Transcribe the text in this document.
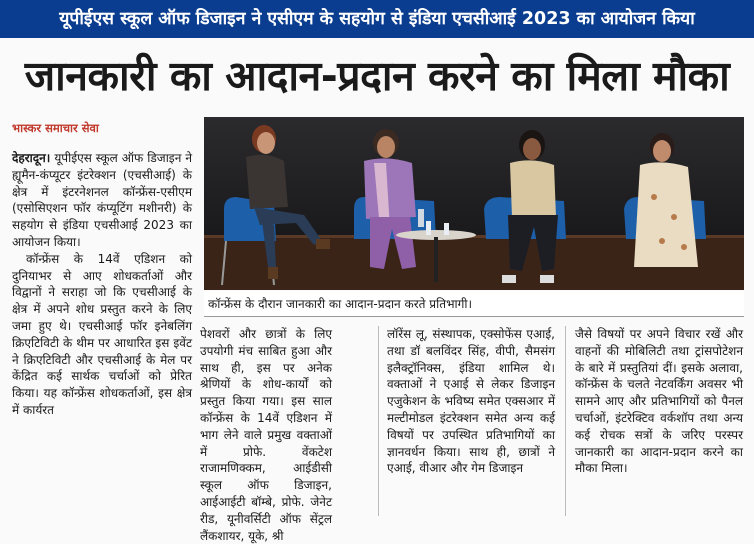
यूपीईएस स्कूल ऑफ डिजाइन ने एसीएम के सहयोग से इंडिया एचसीआई 2023 का आयोजन किया
जानकारी का आदान-प्रदान करने का मिला मौका
भास्कर समाचार सेवा
कॉन्फ्रेंस के दौरान जानकारी का आदान-प्रदान करते प्रतिभागी।

देहरादून। यूपीईएस स्कूल ऑफ डिजाइन ने ह्यूमैन-कंप्यूटर इंटरेक्शन (एचसीआई) के क्षेत्र में इंटरनेशनल कॉन्फ्रेंस-एसीएम (एसोसिएशन फॉर कंप्यूटिंग मशीनरी) के सहयोग से इंडिया एचसीआई 2023 का आयोजन किया।

कॉन्फ्रेंस के 14वें एडिशन को दुनियाभर से आए शोधकर्ताओं और विद्वानों ने सराहा जो कि एचसीआई के क्षेत्र में अपने शोध प्रस्तुत करने के लिए जमा हुए थे। एचसीआई फॉर इनेबलिंग क्रिएटिविटी के थीम पर आधारित इस इवेंट ने क्रिएटिविटी और एचसीआई के मेल पर केंद्रित कई सार्थक चर्चाओं को प्रेरित किया। यह कॉन्फ्रेंस शोधकर्ताओं, इस क्षेत्र में कार्यरत

पेशवरों और छात्रों के लिए उपयोगी मंच साबित हुआ और साथ ही, इस पर अनेक श्रेणियों के शोध-कार्यों को प्रस्तुत किया गया। इस साल कॉन्फ्रेंस के 14वें एडिशन में भाग लेने वाले प्रमुख वक्ताओं में प्रोफे. वेंकटेश राजामणिक्कम, आईडीसी स्कूल ऑफ डिजाइन, आईआईटी बॉम्बे, प्रोफे. जेनेट रीड, यूनीवर्सिटी ऑफ सेंट्रल लैंकशायर, यूके, श्री

लॉरेंस लू, संस्थापक, एक्सोफेंस एआई, तथा डॉ बलविंदर सिंह, वीपी, सैमसंग इलैक्ट्रॉनिक्स, इंडिया शामिल थे। वक्ताओं ने एआई से लेकर डिजाइन एजुकेशन के भविष्य समेत एक्सआर में मल्टीमोडल इंटरेक्शन समेत अन्य कई विषयों पर उपस्थित प्रतिभागियों का ज्ञानवर्धन किया। साथ ही, छात्रों ने एआई, वीआर और गेम डिजाइन

जैसे विषयों पर अपने विचार रखें और वाहनों की मोबिलिटी तथा ट्रांसपोटेशन के बारे में प्रस्तुतियां दीं। इसके अलावा, कॉन्फ्रेंस के चलते नेटवर्किंग अवसर भी सामने आए और प्रतिभागियों को पैनल चर्चाओं, इंटरेक्टिव वर्कशॉप तथा अन्य कई रोचक सत्रों के जरिए परस्पर जानकारी का आदान-प्रदान करने का मौका मिला।
